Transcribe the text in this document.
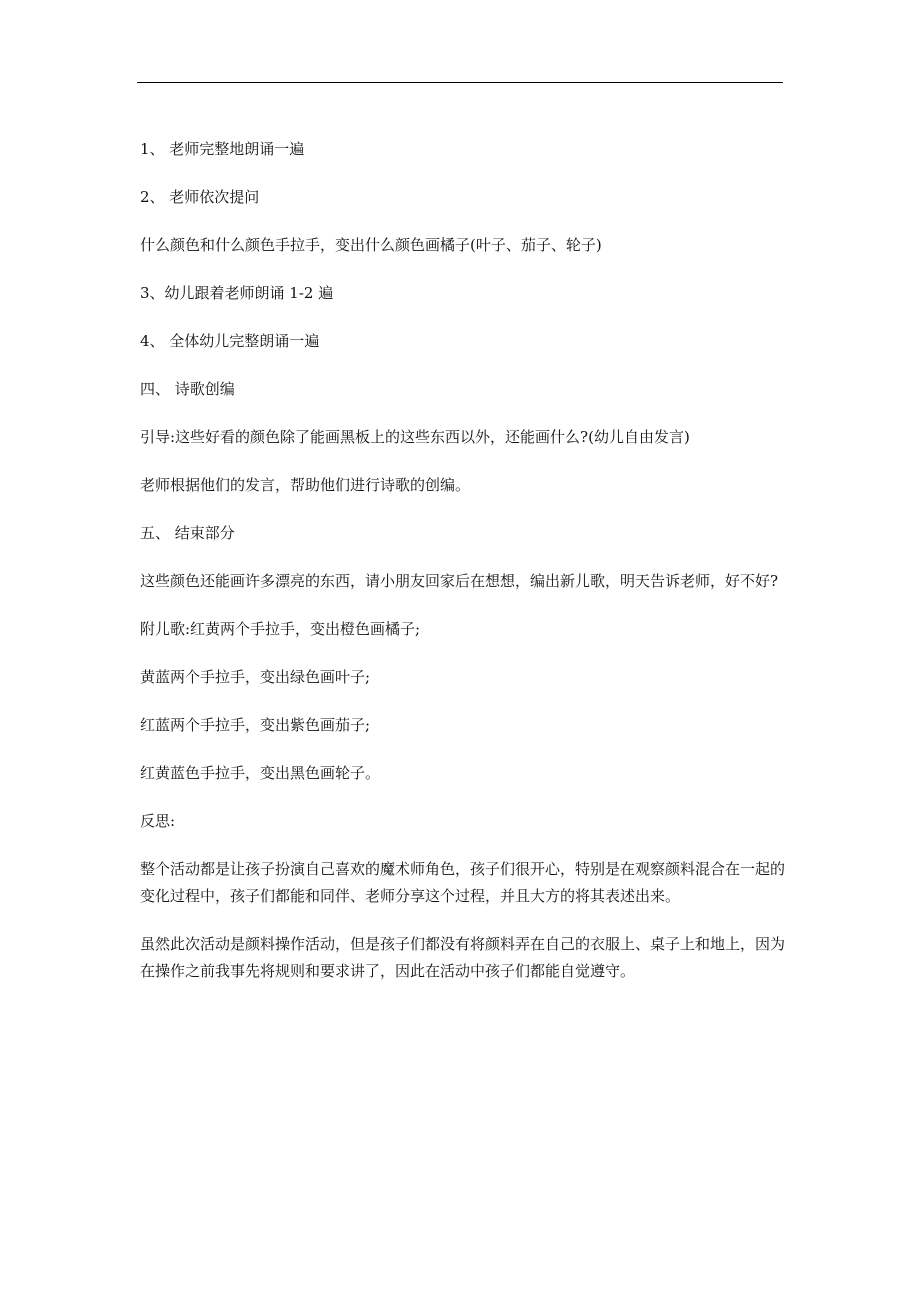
1、 老师完整地朗诵一遍

2、 老师依次提问

什么颜色和什么颜色手拉手，变出什么颜色画橘子(叶子、茄子、轮子)

3、幼儿跟着老师朗诵 1-2 遍

4、 全体幼儿完整朗诵一遍

四、 诗歌创编

引导:这些好看的颜色除了能画黑板上的这些东西以外，还能画什么?(幼儿自由发言)

老师根据他们的发言，帮助他们进行诗歌的创编。

五、 结束部分

这些颜色还能画许多漂亮的东西，请小朋友回家后在想想，编出新儿歌，明天告诉老师，好不好?

附儿歌:红黄两个手拉手，变出橙色画橘子;

黄蓝两个手拉手，变出绿色画叶子;

红蓝两个手拉手，变出紫色画茄子;

红黄蓝色手拉手，变出黑色画轮子。

反思:

整个活动都是让孩子扮演自己喜欢的魔术师角色，孩子们很开心，特别是在观察颜料混合在一起的变化过程中，孩子们都能和同伴、老师分享这个过程，并且大方的将其表述出来。

虽然此次活动是颜料操作活动，但是孩子们都没有将颜料弄在自己的衣服上、桌子上和地上，因为在操作之前我事先将规则和要求讲了，因此在活动中孩子们都能自觉遵守。
